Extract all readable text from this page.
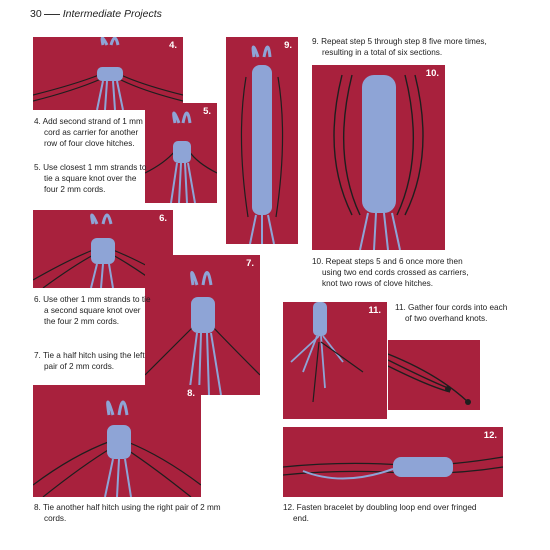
30 Intermediate Projects
4.
5.
6.
7.
8.
9.
10.
11.
12.
4. Add second strand of 1 mm cord as carrier for another row of four clove hitches.
5. Use closest 1 mm strands to tie a square knot over the four 2 mm cords.
6. Use other 1 mm strands to tie a second square knot over the four 2 mm cords.
7. Tie a half hitch using the left pair of 2 mm cords.
8. Tie another half hitch using the right pair of 2 mm cords.
9. Repeat step 5 through step 8 five more times, resulting in a total of six sections.
10. Repeat steps 5 and 6 once more then using two end cords crossed as carriers, knot two rows of clove hitches.
11. Gather four cords into each of two overhand knots.
12. Fasten bracelet by doubling loop end over fringed end.
